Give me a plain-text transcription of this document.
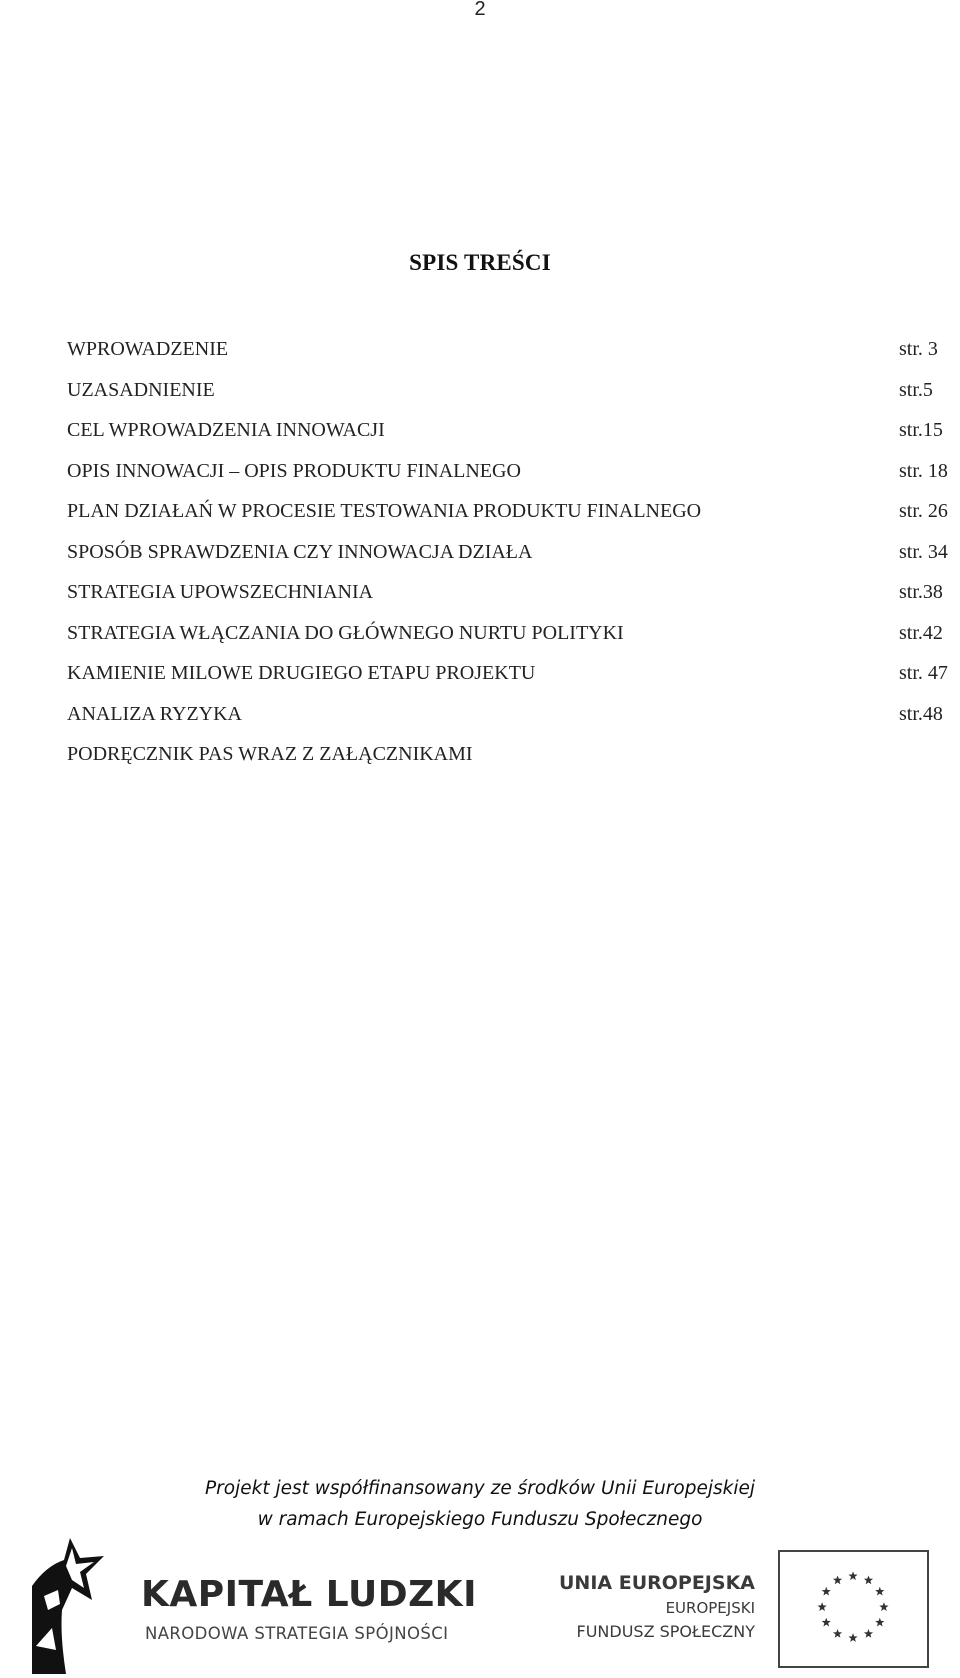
2
SPIS TREŚCI
WPROWADZENIE	str. 3
UZASADNIENIE	str.5
CEL WPROWADZENIA INNOWACJI	str.15
OPIS INNOWACJI – OPIS PRODUKTU FINALNEGO	str. 18
PLAN DZIAŁAŃ W PROCESIE TESTOWANIA PRODUKTU FINALNEGO	str. 26
SPOSÓB SPRAWDZENIA CZY INNOWACJA DZIAŁA	str. 34
STRATEGIA UPOWSZECHNIANIA	str.38
STRATEGIA WŁĄCZANIA DO GŁÓWNEGO NURTU POLITYKI	str.42
KAMIENIE MILOWE DRUGIEGO ETAPU PROJEKTU	str. 47
ANALIZA RYZYKA	str.48
PODRĘCZNIK PAS WRAZ Z ZAŁĄCZNIKAMI
Projekt jest współfinansowany ze środków Unii Europejskiej
w ramach Europejskiego Funduszu Społecznego
KAPITAŁ LUDZKI
NARODOWA STRATEGIA SPÓJNOŚCI
UNIA EUROPEJSKA
EUROPEJSKI
FUNDUSZ SPOŁECZNY
